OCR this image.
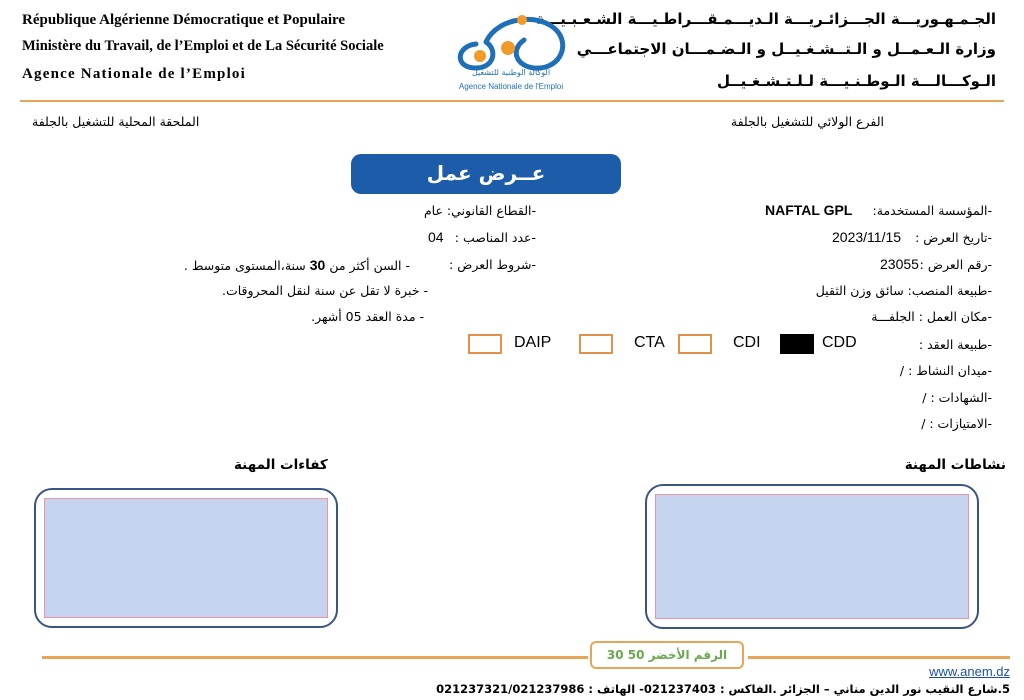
République Algérienne Démocratique et Populaire
Ministère du Travail, de l’Emploi et de La Sécurité Sociale
Agence Nationale de l’Emploi
الجـمـهـوريـــة الجـــزائـريـــة الـديـــمـقـــراطـيـــة الشـعـبـيـــة
وزارة الـعـمــل و الـتــشـغـيــل و الـضـمـــان الاجتماعـــي
الـوكـــالـــة الـوطـنـيـــة لـلـتـشـغـيــل
الوكالة الوطنية للتشغيل
Agence Nationale de l'Emploi
الملحقة المحلية للتشغيل بالجلفة	الفرع الولائي للتشغيل بالجلفة
عــرض عمل
-المؤسسة المستخدمة:
NAFTAL GPL
-تاريخ العرض :
2023/11/15
-رقم العرض :
23055
-طبيعة المنصب: سائق وزن الثقيل
-مكان العمل : الجلفـــة
-طبيعة العقد :
-ميدان النشاط : /
-الشهادات : /
-الامتيازات : /
-القطاع القانوني: عام
-عدد المناصب :
04
-شروط العرض :
- السن أكثر من 30 سنة،المستوى متوسط .
- خبرة لا تقل عن سنة لنقل المحروقات.
- مدة العقد 05 أشهر.
CDD
CDI
CTA
DAIP
نشاطات المهنة
كفاءات المهنة
الرقم الأخضر 50 30
www.anem.dz
5.شارع النقيب نور الدين مناني – الجزائر .الفاكس : 021237403- الهاتف : 021237321/021237986
